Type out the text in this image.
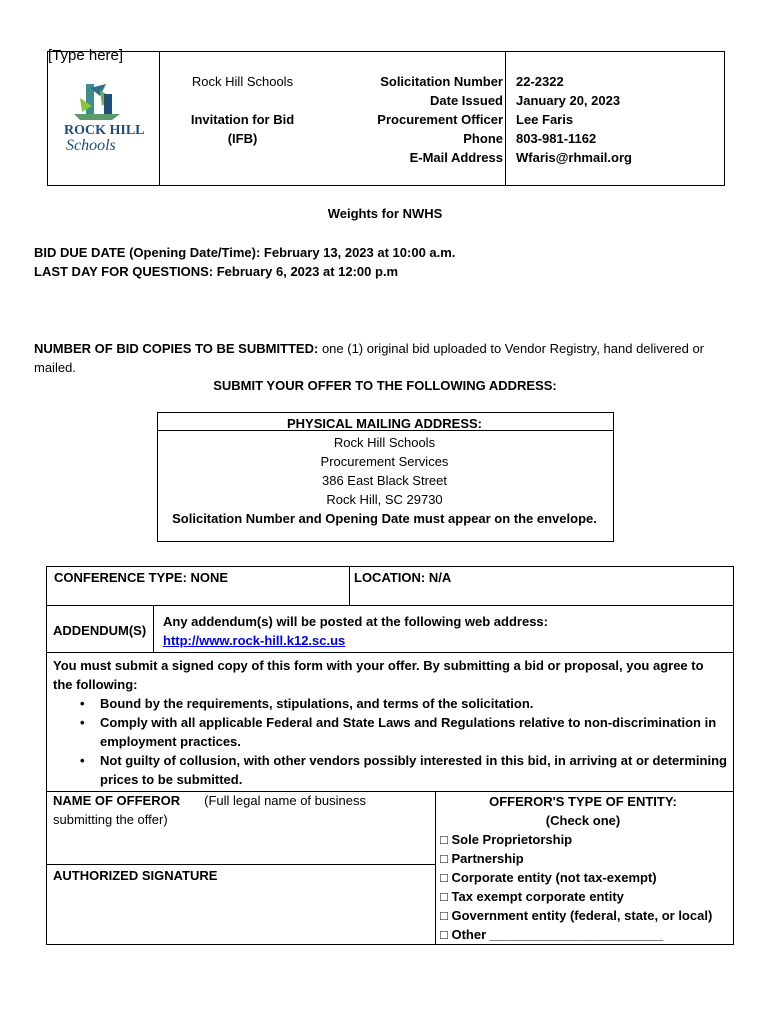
[Type here]
ROCK HILL
Schools
Rock Hill Schools
Invitation for Bid
(IFB)
Solicitation Number
Date Issued
Procurement Officer
Phone
E-Mail Address
22-2322
January 20, 2023
Lee Faris
803-981-1162
Wfaris@rhmail.org
Weights for NWHS
BID DUE DATE (Opening Date/Time): February 13, 2023 at 10:00 a.m.
LAST DAY FOR QUESTIONS: February 6, 2023 at 12:00 p.m
NUMBER OF BID COPIES TO BE SUBMITTED: one (1) original bid uploaded to Vendor Registry, hand delivered or
mailed.
SUBMIT YOUR OFFER TO THE FOLLOWING ADDRESS:
PHYSICAL MAILING ADDRESS:
Rock Hill Schools
Procurement Services
386 East Black Street
Rock Hill, SC 29730
Solicitation Number and Opening Date must appear on the envelope.
CONFERENCE TYPE: NONE	LOCATION: N/A
ADDENDUM(S)
Any addendum(s) will be posted at the following web address:
http://www.rock-hill.k12.sc.us
You must submit a signed copy of this form with your offer. By submitting a bid or proposal, you agree to
the following:
• Bound by the requirements, stipulations, and terms of the solicitation.
• Comply with all applicable Federal and State Laws and Regulations relative to non-discrimination in
employment practices.
• Not guilty of collusion, with other vendors possibly interested in this bid, in arriving at or determining
prices to be submitted.
NAME OF OFFEROR (Full legal name of business
submitting the offer)
AUTHORIZED SIGNATURE
OFFEROR'S TYPE OF ENTITY:
(Check one)
□ Sole Proprietorship
□ Partnership
□ Corporate entity (not tax-exempt)
□ Tax exempt corporate entity
□ Government entity (federal, state, or local)
□ Other ________________________
